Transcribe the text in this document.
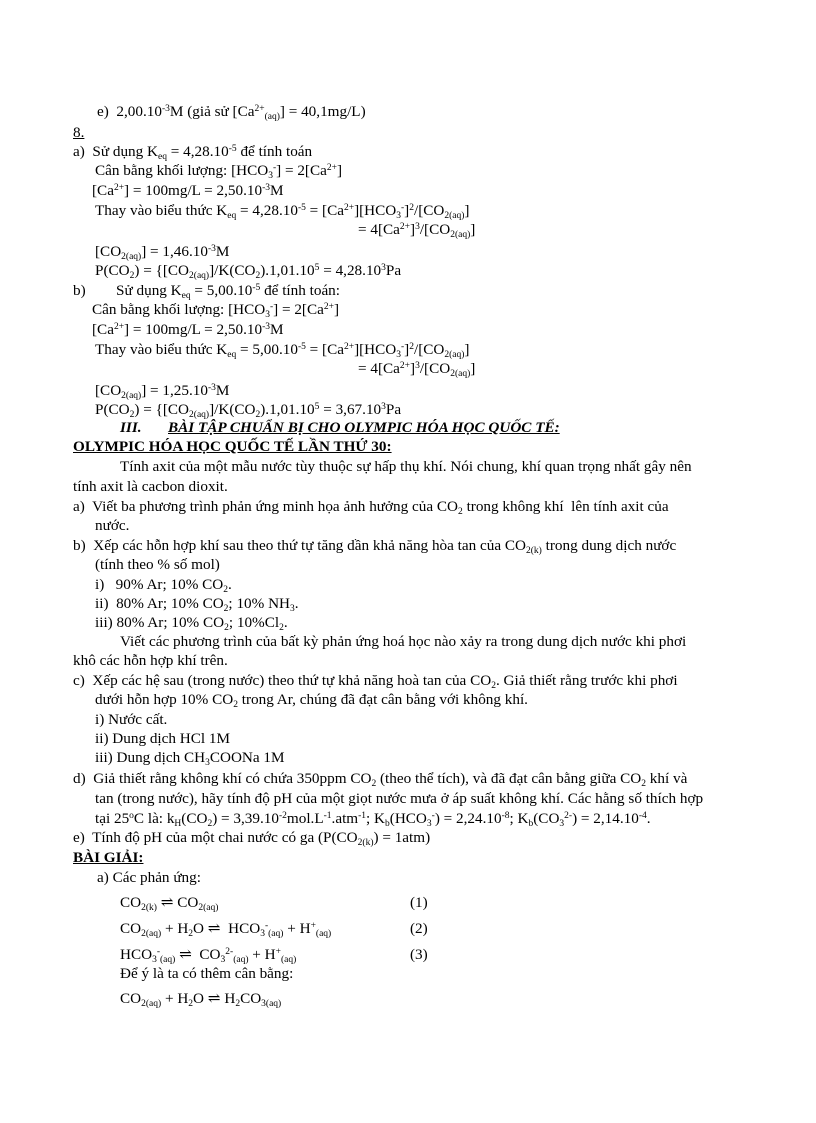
e)  $2,00.10^{-3}M$ (giả sử $[Ca^{2+}_{(aq)}] = 40,1mg/L$)
8.
a)  Sử dụng $K_{eq} = 4,28.10^{-5}$ để tính toán
Cân bằng khối lượng: $[HCO_3^-] = 2[Ca^{2+}]$
$[Ca^{2+}] = 100mg/L = 2,50.10^{-3}M$
Thay vào biểu thức $K_{eq} = 4,28.10^{-5} = [Ca^{2+}][HCO_3^-]^2/[CO_{2(aq)}]$
= $4[Ca^{2+}]^3/[CO_{2(aq)}]$
$[CO_{2(aq)}] = 1,46.10^{-3}M$
$P(CO_2) = \{[CO_{2(aq)}]/K(CO_2).1,01.10^5 = 4,28.10^3Pa$
b)        Sử dụng $K_{eq} = 5,00.10^{-5}$ để tính toán:
Cân bằng khối lượng: $[HCO_3^-] = 2[Ca^{2+}]$
$[Ca^{2+}] = 100mg/L = 2,50.10^{-3}M$
Thay vào biểu thức $K_{eq} = 5,00.10^{-5} = [Ca^{2+}][HCO_3^-]^2/[CO_{2(aq)}]$
= $4[Ca^{2+}]^3/[CO_{2(aq)}]$
$[CO_{2(aq)}] = 1,25.10^{-3}M$
$P(CO_2) = \{[CO_{2(aq)}]/K(CO_2).1,01.10^5 = 3,67.10^3Pa$
III. BÀI TẬP CHUẨN BỊ CHO OLYMPIC HÓA HỌC QUỐC TẾ:
OLYMPIC HÓA HỌC QUỐC TẾ LẦN THỨ 30:
Tính axit của một mẫu nước tùy thuộc sự hấp thụ khí. Nói chung, khí quan trọng nhất gây nên
tính axit là cacbon dioxit.
a)  Viết ba phương trình phản ứng minh họa ảnh hưởng của $CO_2$ trong không khí  lên tính axit của
nước.
b)  Xếp các hỗn hợp khí sau theo thứ tự tăng dần khả năng hòa tan của $CO_{2(k)}$ trong dung dịch nước
(tính theo % số mol)
i)   90% Ar; 10% $CO_2$.
ii)  80% Ar; 10% $CO_2$; 10% $NH_3$.
iii) 80% Ar; 10% $CO_2$; $10\%Cl_2$.
Viết các phương trình của bất kỳ phản ứng hoá học nào xảy ra trong dung dịch nước khi phơi
khô các hỗn hợp khí trên.
c)  Xếp các hệ sau (trong nước) theo thứ tự khả năng hoà tan của $CO_2$. Giả thiết rằng trước khi phơi
dưới hỗn hợp 10% $CO_2$ trong Ar, chúng đã đạt cân bằng với không khí.
i) Nước cất.
ii) Dung dịch HCl 1M
iii) Dung dịch $CH_3COONa$ 1M
d)  Giả thiết rằng không khí có chứa 350ppm $CO_2$ (theo thể tích), và đã đạt cân bằng giữa $CO_2$ khí và
tan (trong nước), hãy tính độ pH của một giọt nước mưa ở áp suất không khí. Các hằng số thích hợp
tại 25$^o$C là: $k_H(CO_2) = 3,39.10^{-2}mol.L^{-1}.atm^{-1}$; $K_b(HCO_3^-) = 2,24.10^{-8}$; $K_b(CO_3^{2-}) = 2,14.10^{-4}$.
e)  Tính độ pH của một chai nước có ga $(P(CO_{2(k)}) = 1atm)$
BÀI GIẢI:
a) Các phản ứng:
$CO_{2(k)}$ ⇌ $CO_{2(aq)}$	(1)
$CO_{2(aq)} + H_2O$ ⇌  $HCO_3^-_{(aq)} + H^+_{(aq)}$	(2)
$HCO_3^-_{(aq)}$ ⇌  $CO_3^{2-}_{(aq)} + H^+_{(aq)}$	(3)
Để ý là ta có thêm cân bằng:
$CO_{2(aq)} + H_2O$ ⇌ $H_2CO_{3(aq)}$
